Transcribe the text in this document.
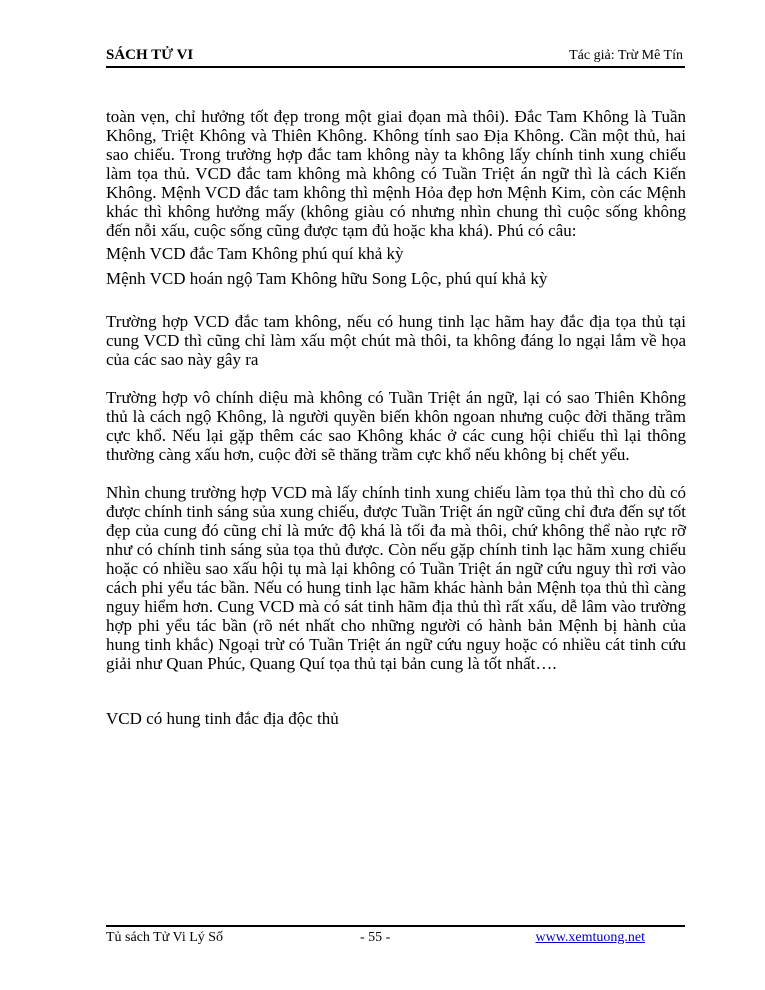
SÁCH TỬ VI	Tác giả: Trừ Mê Tín

toàn vẹn, chỉ hưởng tốt đẹp trong một giai đọan mà thôi). Đắc Tam Không là Tuần Không, Triệt Không và Thiên Không. Không tính sao Địa Không. Cần một thủ, hai sao chiếu. Trong trường hợp đắc tam không này ta không lấy chính tinh xung chiếu làm tọa thủ. VCD đắc tam không mà không có Tuần Triệt án ngữ thì là cách Kiến Không. Mệnh VCD đắc tam không thì mệnh Hỏa đẹp hơn Mệnh Kim, còn các Mệnh khác thì không hưởng mấy (không giàu có nhưng nhìn chung thì cuộc sống không đến nỗi xấu, cuộc sống cũng được tạm đủ hoặc kha khá). Phú có câu:

Mệnh VCD đắc Tam Không phú quí khả kỳ

Mệnh VCD hoán ngộ Tam Không hữu Song Lộc, phú quí khả kỳ

Trường hợp VCD đắc tam không, nếu có hung tinh lạc hãm hay đắc địa tọa thủ tại cung VCD thì cũng chỉ làm xấu một chút mà thôi, ta không đáng lo ngại lắm về họa của các sao này gây ra

Trường hợp vô chính diệu mà không có Tuần Triệt án ngữ, lại có sao Thiên Không thủ là cách ngộ Không, là người quyền biến khôn ngoan nhưng cuộc đời thăng trầm cực khổ. Nếu lại gặp thêm các sao Không khác ở các cung hội chiếu thì lại thông thường càng xấu hơn, cuộc đời sẽ thăng trầm cực khổ nếu không bị chết yểu.

Nhìn chung trường hợp VCD mà lấy chính tinh xung chiếu làm tọa thủ thì cho dù có được chính tinh sáng sủa xung chiếu, được Tuần Triệt án ngữ cũng chỉ đưa đến sự tốt đẹp của cung đó cũng chỉ là mức độ khá là tối đa mà thôi, chứ không thể nào rực rỡ như có chính tinh sáng sủa tọa thủ được. Còn nếu gặp chính tinh lạc hãm xung chiếu hoặc có nhiều sao xấu hội tụ mà lại không có Tuần Triệt án ngữ cứu nguy thì rơi vào cách phi yểu tác bần. Nếu có hung tinh lạc hãm khác hành bản Mệnh tọa thủ thì càng nguy hiểm hơn. Cung VCD mà có sát tinh hãm địa thủ thì rất xấu, dễ lâm vào trường hợp phi yểu tác bần (rõ nét nhất cho những người có hành bản Mệnh bị hành của hung tinh khắc) Ngoại trừ có Tuần Triệt án ngữ cứu nguy hoặc có nhiều cát tinh cứu giải như Quan Phúc, Quang Quí tọa thủ tại bản cung là tốt nhất….

VCD có hung tinh đắc địa độc thủ

Tủ sách Tử Vi Lý Số	- 55 -	www.xemtuong.net
